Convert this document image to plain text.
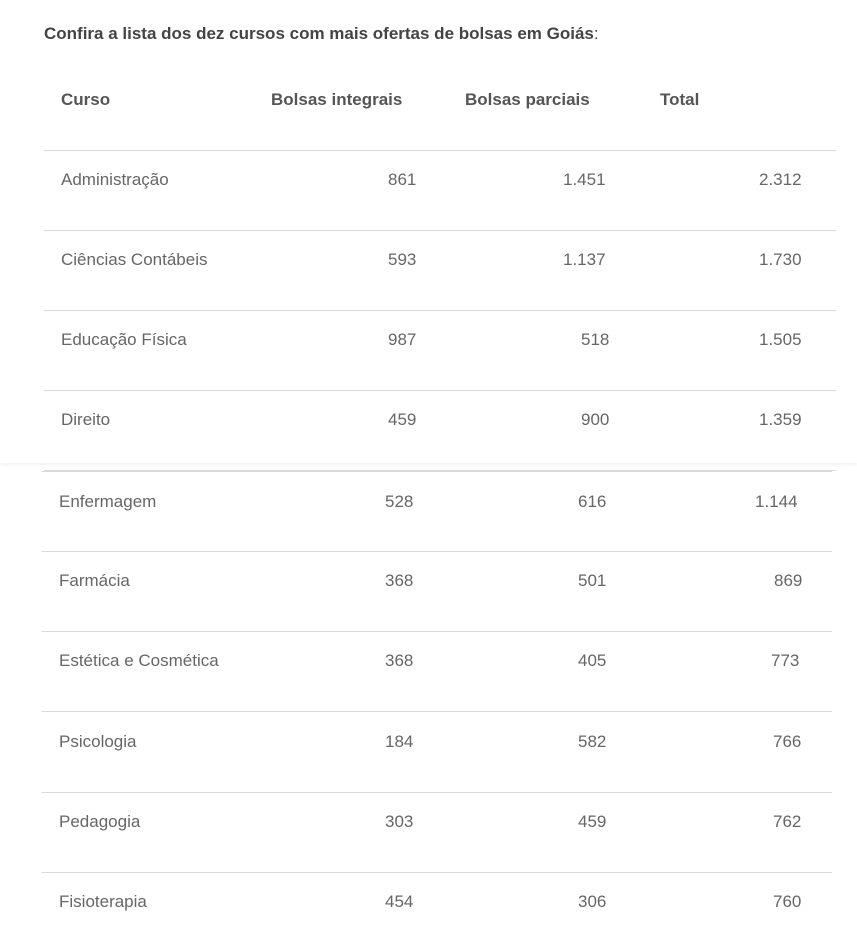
Confira a lista dos dez cursos com mais ofertas de bolsas em Goiás:

Curso	Bolsas integrais	Bolsas parciais	Total
Administração	861	1.451	2.312
Ciências Contábeis	593	1.137	1.730
Educação Física	987	518	1.505
Direito	459	900	1.359
Enfermagem	528	616	1.144
Farmácia	368	501	869
Estética e Cosmética	368	405	773
Psicologia	184	582	766
Pedagogia	303	459	762
Fisioterapia	454	306	760
